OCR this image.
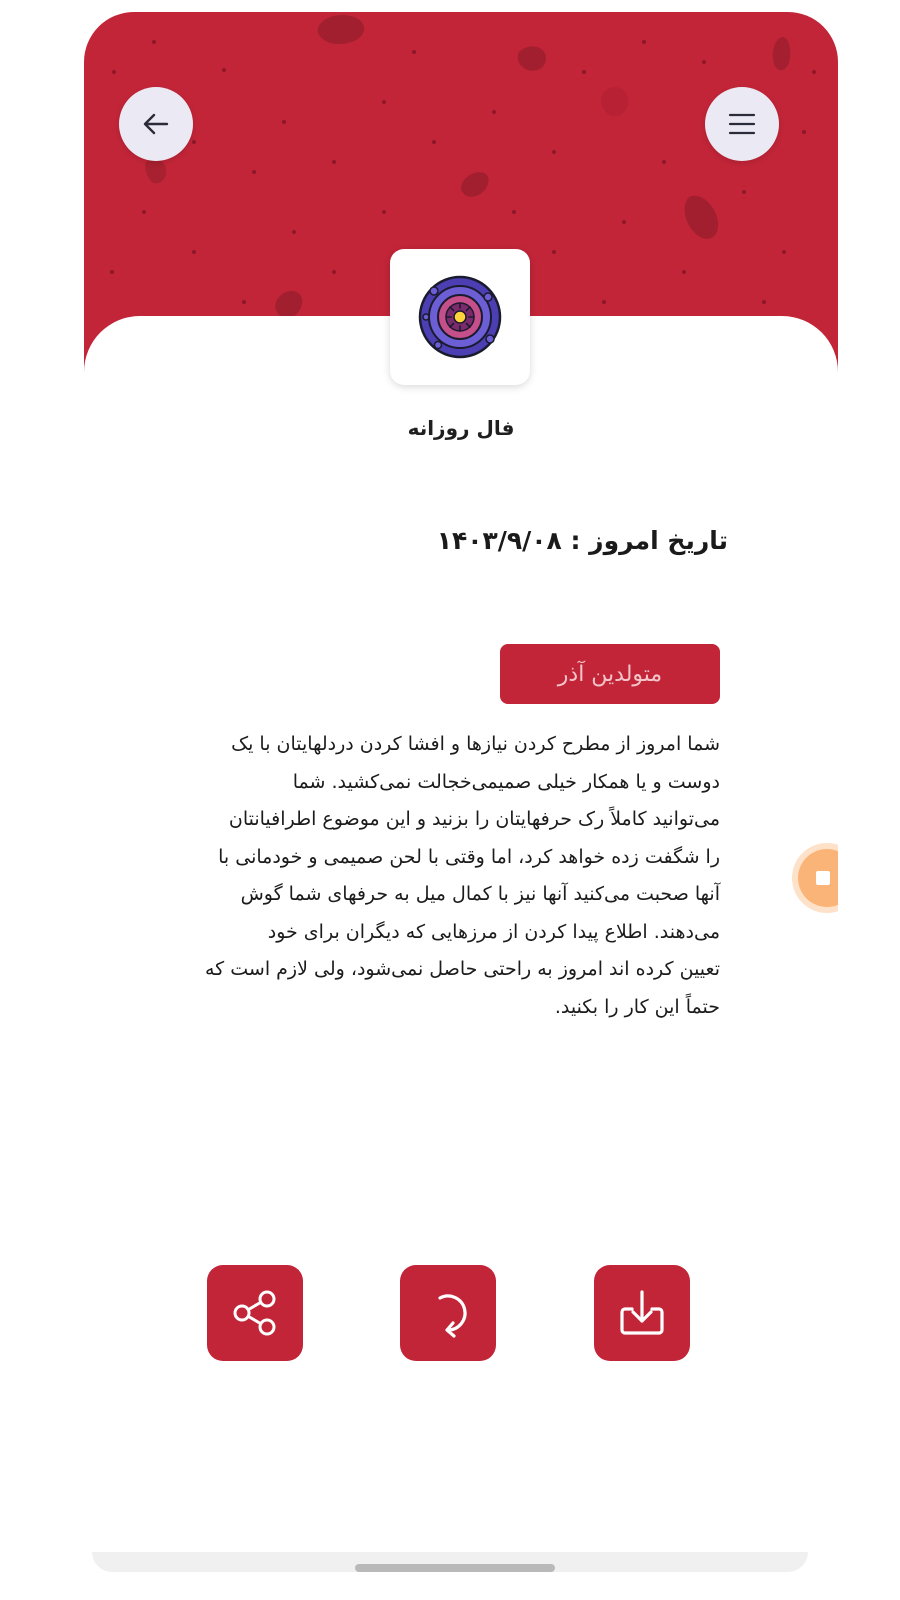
فال روزانه
تاریخ امروز : ۱۴۰۳/۹/۰۸
متولدین آذر
شما امروز از مطرح کردن نیازها و افشا کردن دردلهایتان با یک
دوست و یا همکار خیلی صمیمی‌خجالت نمی‌کشید. شما
می‌توانید کاملاً رک حرفهایتان را بزنید و این موضوع اطرافیانتان
را شگفت زده خواهد کرد، اما وقتی با لحن صمیمی و خودمانی با
آنها صحبت می‌کنید آنها نیز با کمال میل به حرفهای شما گوش
می‌دهند. اطلاع پیدا کردن از مرزهایی که دیگران برای خود
تعیین کرده اند امروز به راحتی حاصل نمی‌شود، ولی لازم است که
حتماً این کار را بکنید.
